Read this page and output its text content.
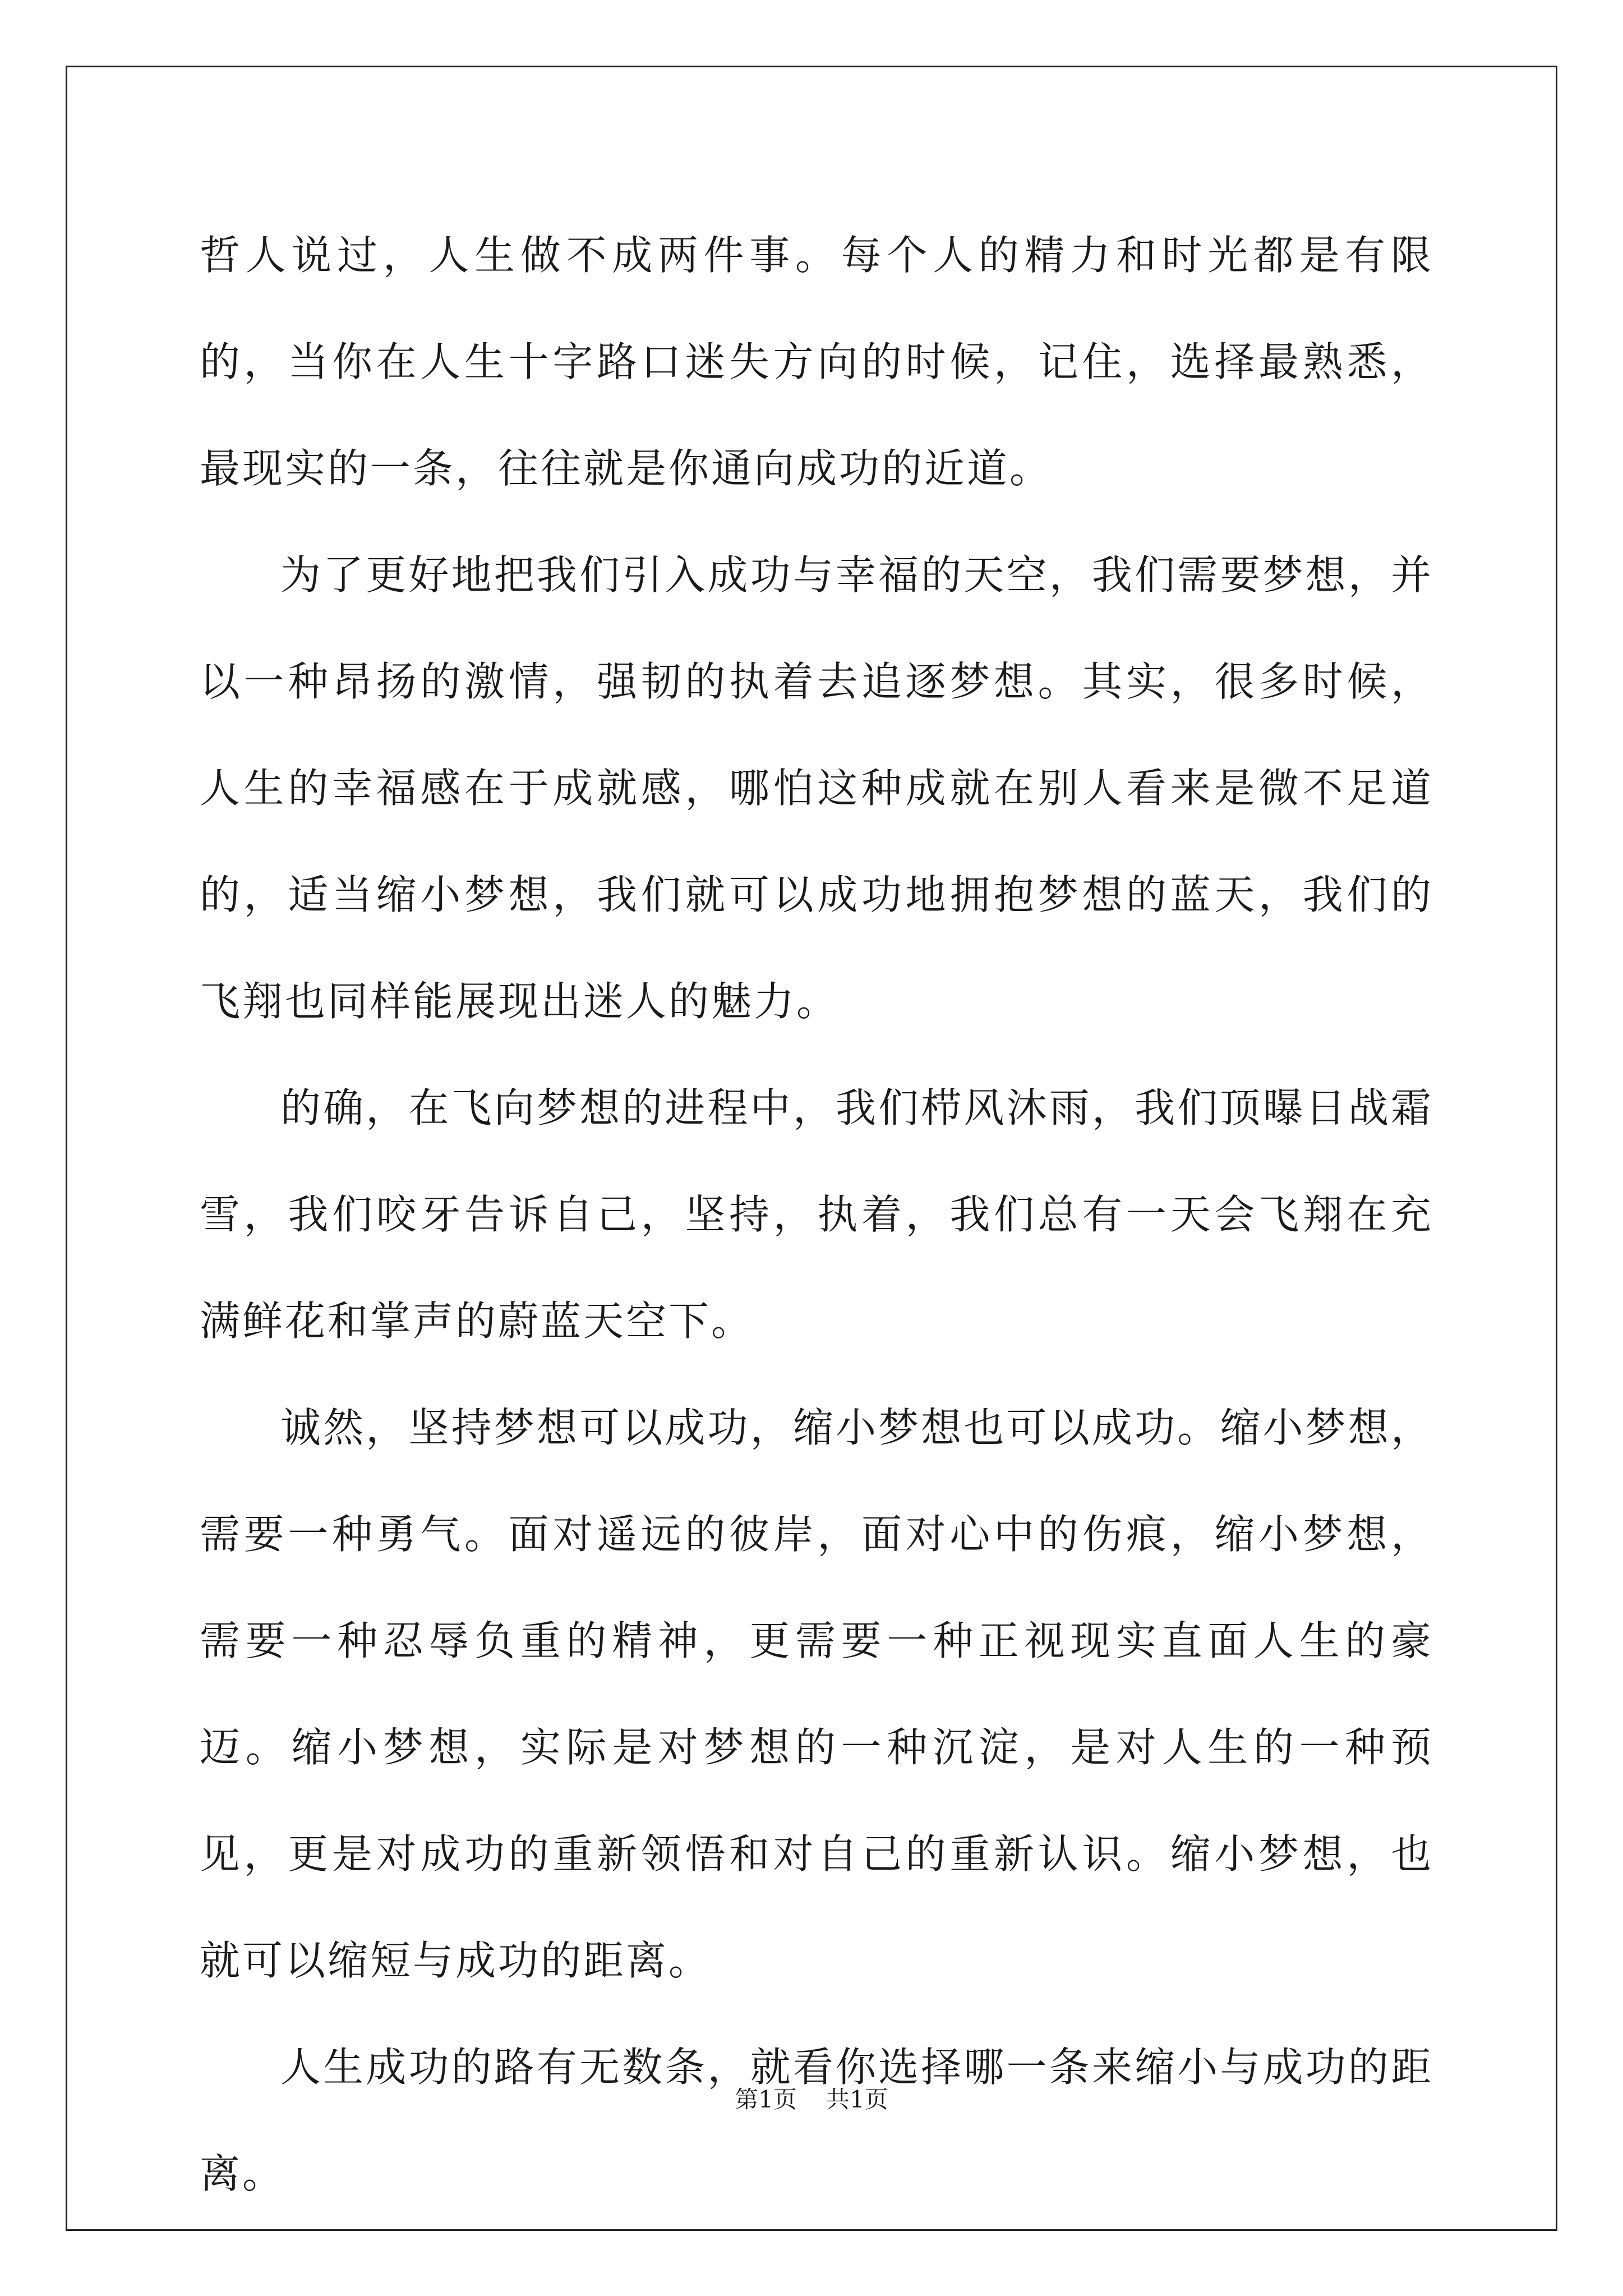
哲人说过，人生做不成两件事。每个人的精力和时光都是有限的，当你在人生十字路口迷失方向的时候，记住，选择最熟悉，最现实的一条，往往就是你通向成功的近道。

为了更好地把我们引入成功与幸福的天空，我们需要梦想，并以一种昂扬的激情，强韧的执着去追逐梦想。其实，很多时候，人生的幸福感在于成就感，哪怕这种成就在别人看来是微不足道的，适当缩小梦想，我们就可以成功地拥抱梦想的蓝天，我们的飞翔也同样能展现出迷人的魅力。

的确，在飞向梦想的进程中，我们栉风沐雨，我们顶曝日战霜雪，我们咬牙告诉自己，坚持，执着，我们总有一天会飞翔在充满鲜花和掌声的蔚蓝天空下。

诚然，坚持梦想可以成功，缩小梦想也可以成功。缩小梦想，需要一种勇气。面对遥远的彼岸，面对心中的伤痕，缩小梦想，需要一种忍辱负重的精神，更需要一种正视现实直面人生的豪迈。缩小梦想，实际是对梦想的一种沉淀，是对人生的一种预见，更是对成功的重新领悟和对自己的重新认识。缩小梦想，也就可以缩短与成功的距离。

人生成功的路有无数条，就看你选择哪一条来缩小与成功的距离。

第1页 共1页
